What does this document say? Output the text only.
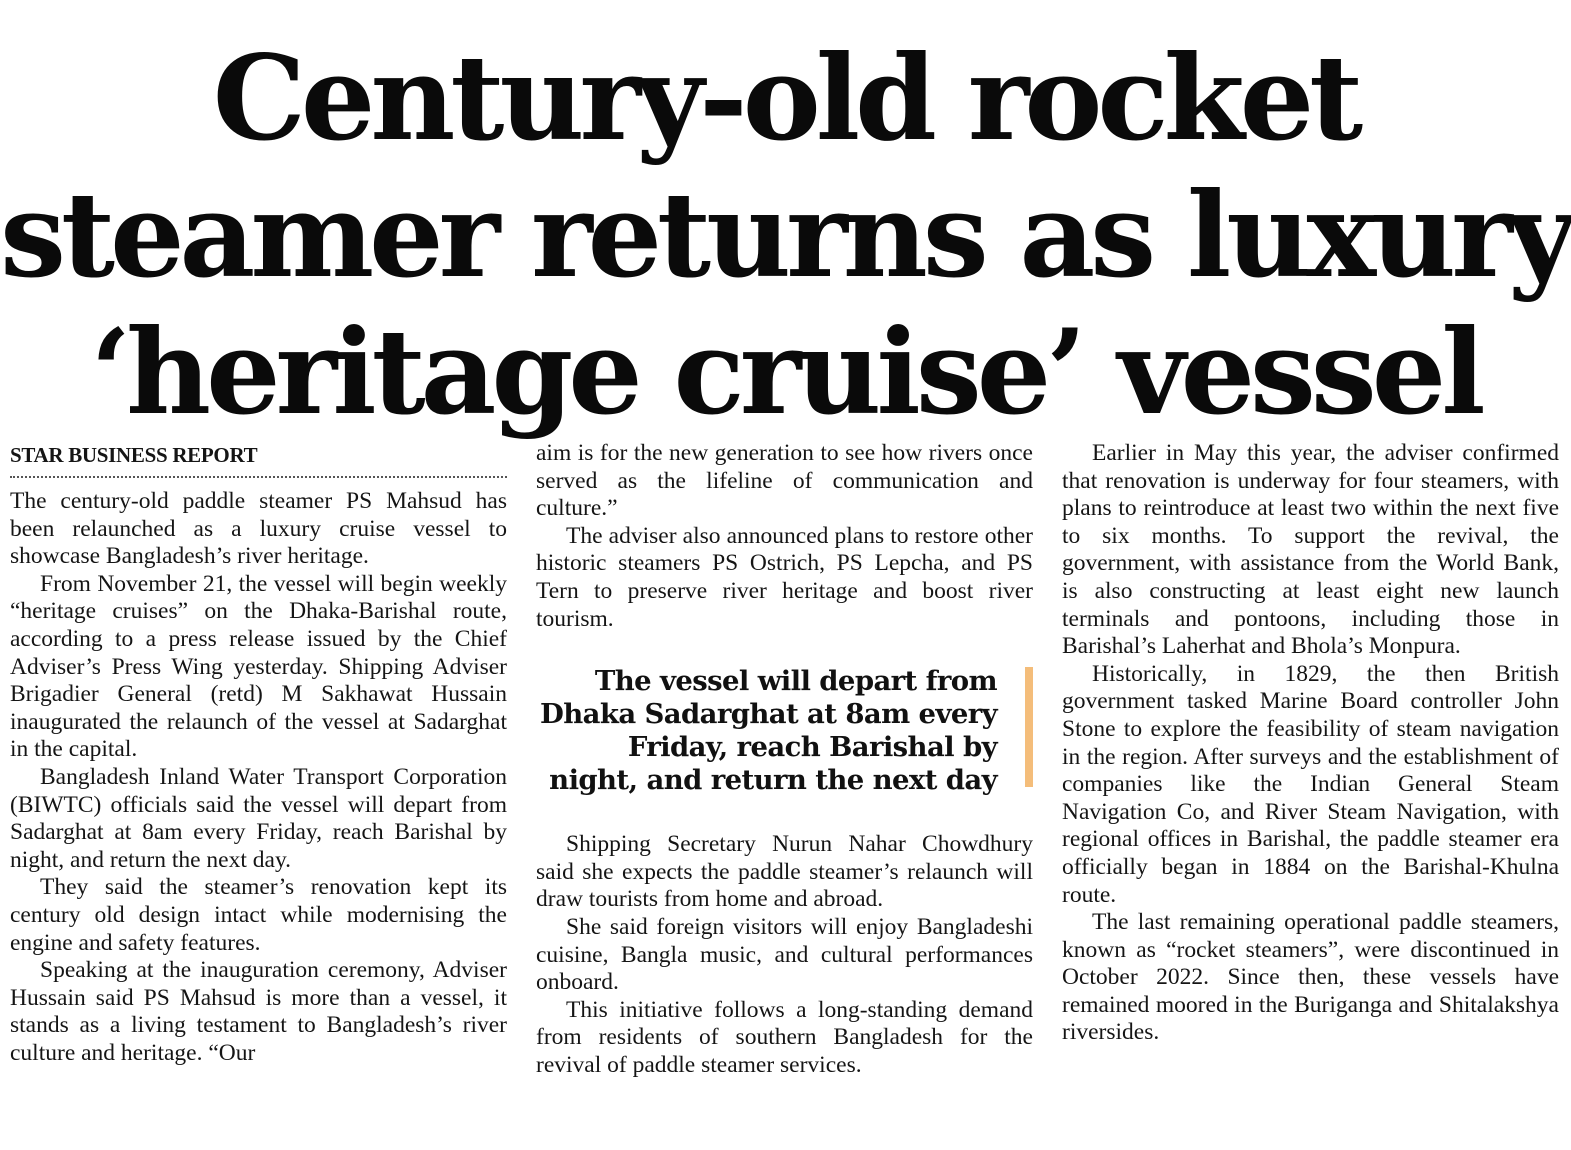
Century-old rocket
steamer returns as luxury
‘heritage cruise’ vessel
STAR BUSINESS REPORT

The century-old paddle steamer PS Mahsud has been relaunched as a luxury cruise vessel to showcase Bangladesh’s river heritage.

From November 21, the vessel will begin weekly “heritage cruises” on the Dhaka-Barishal route, according to a press release issued by the Chief Adviser’s Press Wing yesterday. Shipping Adviser Brigadier General (retd) M Sakhawat Hussain inaugurated the relaunch of the vessel at Sadarghat in the capital.

Bangladesh Inland Water Transport Corporation (BIWTC) officials said the vessel will depart from Sadarghat at 8am every Friday, reach Barishal by night, and return the next day.

They said the steamer’s renovation kept its century old design intact while modernising the engine and safety features.

Speaking at the inauguration ceremony, Adviser Hussain said PS Mahsud is more than a vessel, it stands as a living testament to Bangladesh’s river culture and heritage. “Our

aim is for the new generation to see how rivers once served as the lifeline of communication and culture.”

The adviser also announced plans to restore other historic steamers PS Ostrich, PS Lepcha, and PS Tern to preserve river heritage and boost river tourism.

The vessel will depart from Dhaka Sadarghat at 8am every Friday, reach Barishal by night, and return the next day

Shipping Secretary Nurun Nahar Chowdhury said she expects the paddle steamer’s relaunch will draw tourists from home and abroad.

She said foreign visitors will enjoy Bangladeshi cuisine, Bangla music, and cultural performances onboard.

This initiative follows a long-standing demand from residents of southern Bangladesh for the revival of paddle steamer services.

Earlier in May this year, the adviser confirmed that renovation is underway for four steamers, with plans to reintroduce at least two within the next five to six months. To support the revival, the government, with assistance from the World Bank, is also constructing at least eight new launch terminals and pontoons, including those in Barishal’s Laherhat and Bhola’s Monpura.

Historically, in 1829, the then British government tasked Marine Board controller John Stone to explore the feasibility of steam navigation in the region. After surveys and the establishment of companies like the Indian General Steam Navigation Co, and River Steam Navigation, with regional offices in Barishal, the paddle steamer era officially began in 1884 on the Barishal-Khulna route.

The last remaining operational paddle steamers, known as “rocket steamers”, were discontinued in October 2022. Since then, these vessels have remained moored in the Buriganga and Shitalakshya riversides.
